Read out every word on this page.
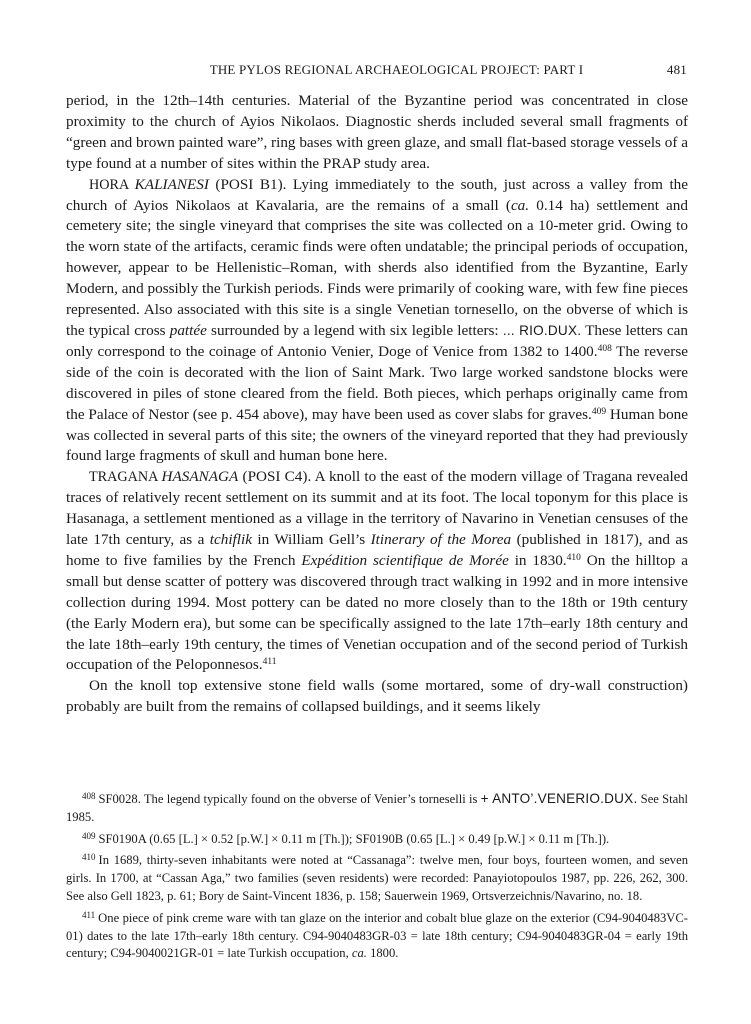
THE PYLOS REGIONAL ARCHAEOLOGICAL PROJECT: PART I	481

period, in the 12th–14th centuries. Material of the Byzantine period was concentrated in close proximity to the church of Ayios Nikolaos. Diagnostic sherds included several small fragments of “green and brown painted ware”, ring bases with green glaze, and small flat-based storage vessels of a type found at a number of sites within the PRAP study area.

HORA KALIANESI (POSI B1). Lying immediately to the south, just across a valley from the church of Ayios Nikolaos at Kavalaria, are the remains of a small (ca. 0.14 ha) settlement and cemetery site; the single vineyard that comprises the site was collected on a 10-meter grid. Owing to the worn state of the artifacts, ceramic finds were often undatable; the principal periods of occupation, however, appear to be Hellenistic–Roman, with sherds also identified from the Byzantine, Early Modern, and possibly the Turkish periods. Finds were primarily of cooking ware, with few fine pieces represented. Also associated with this site is a single Venetian tornesello, on the obverse of which is the typical cross pattée surrounded by a legend with six legible letters: ... RIO.DUX. These letters can only correspond to the coinage of Antonio Venier, Doge of Venice from 1382 to 1400.$^{408}$ The reverse side of the coin is decorated with the lion of Saint Mark. Two large worked sandstone blocks were discovered in piles of stone cleared from the field. Both pieces, which perhaps originally came from the Palace of Nestor (see p. 454 above), may have been used as cover slabs for graves.$^{409}$ Human bone was collected in several parts of this site; the owners of the vineyard reported that they had previously found large fragments of skull and human bone here.

TRAGANA HASANAGA (POSI C4). A knoll to the east of the modern village of Tragana revealed traces of relatively recent settlement on its summit and at its foot. The local toponym for this place is Hasanaga, a settlement mentioned as a village in the territory of Navarino in Venetian censuses of the late 17th century, as a tchiflik in William Gell’s Itinerary of the Morea (published in 1817), and as home to five families by the French Expédition scientifique de Morée in 1830.$^{410}$ On the hilltop a small but dense scatter of pottery was discovered through tract walking in 1992 and in more intensive collection during 1994. Most pottery can be dated no more closely than to the 18th or 19th century (the Early Modern era), but some can be specifically assigned to the late 17th–early 18th century and the late 18th–early 19th century, the times of Venetian occupation and of the second period of Turkish occupation of the Peloponnesos.$^{411}$

On the knoll top extensive stone field walls (some mortared, some of dry-wall construction) probably are built from the remains of collapsed buildings, and it seems likely

$^{408}$ SF0028. The legend typically found on the obverse of Venier’s torneselli is + ANTO’.VENERIO.DUX. See Stahl 1985.

$^{409}$ SF0190A (0.65 [L.] × 0.52 [p.W.] × 0.11 m [Th.]); SF0190B (0.65 [L.] × 0.49 [p.W.] × 0.11 m [Th.]).

$^{410}$ In 1689, thirty-seven inhabitants were noted at “Cassanaga”: twelve men, four boys, fourteen women, and seven girls. In 1700, at “Cassan Aga,” two families (seven residents) were recorded: Panayiotopoulos 1987, pp. 226, 262, 300. See also Gell 1823, p. 61; Bory de Saint-Vincent 1836, p. 158; Sauerwein 1969, Ortsverzeichnis/Navarino, no. 18.

$^{411}$ One piece of pink creme ware with tan glaze on the interior and cobalt blue glaze on the exterior (C94-9040483VC-01) dates to the late 17th–early 18th century. C94-9040483GR-03 = late 18th century; C94-9040483GR-04 = early 19th century; C94-9040021GR-01 = late Turkish occupation, ca. 1800.
